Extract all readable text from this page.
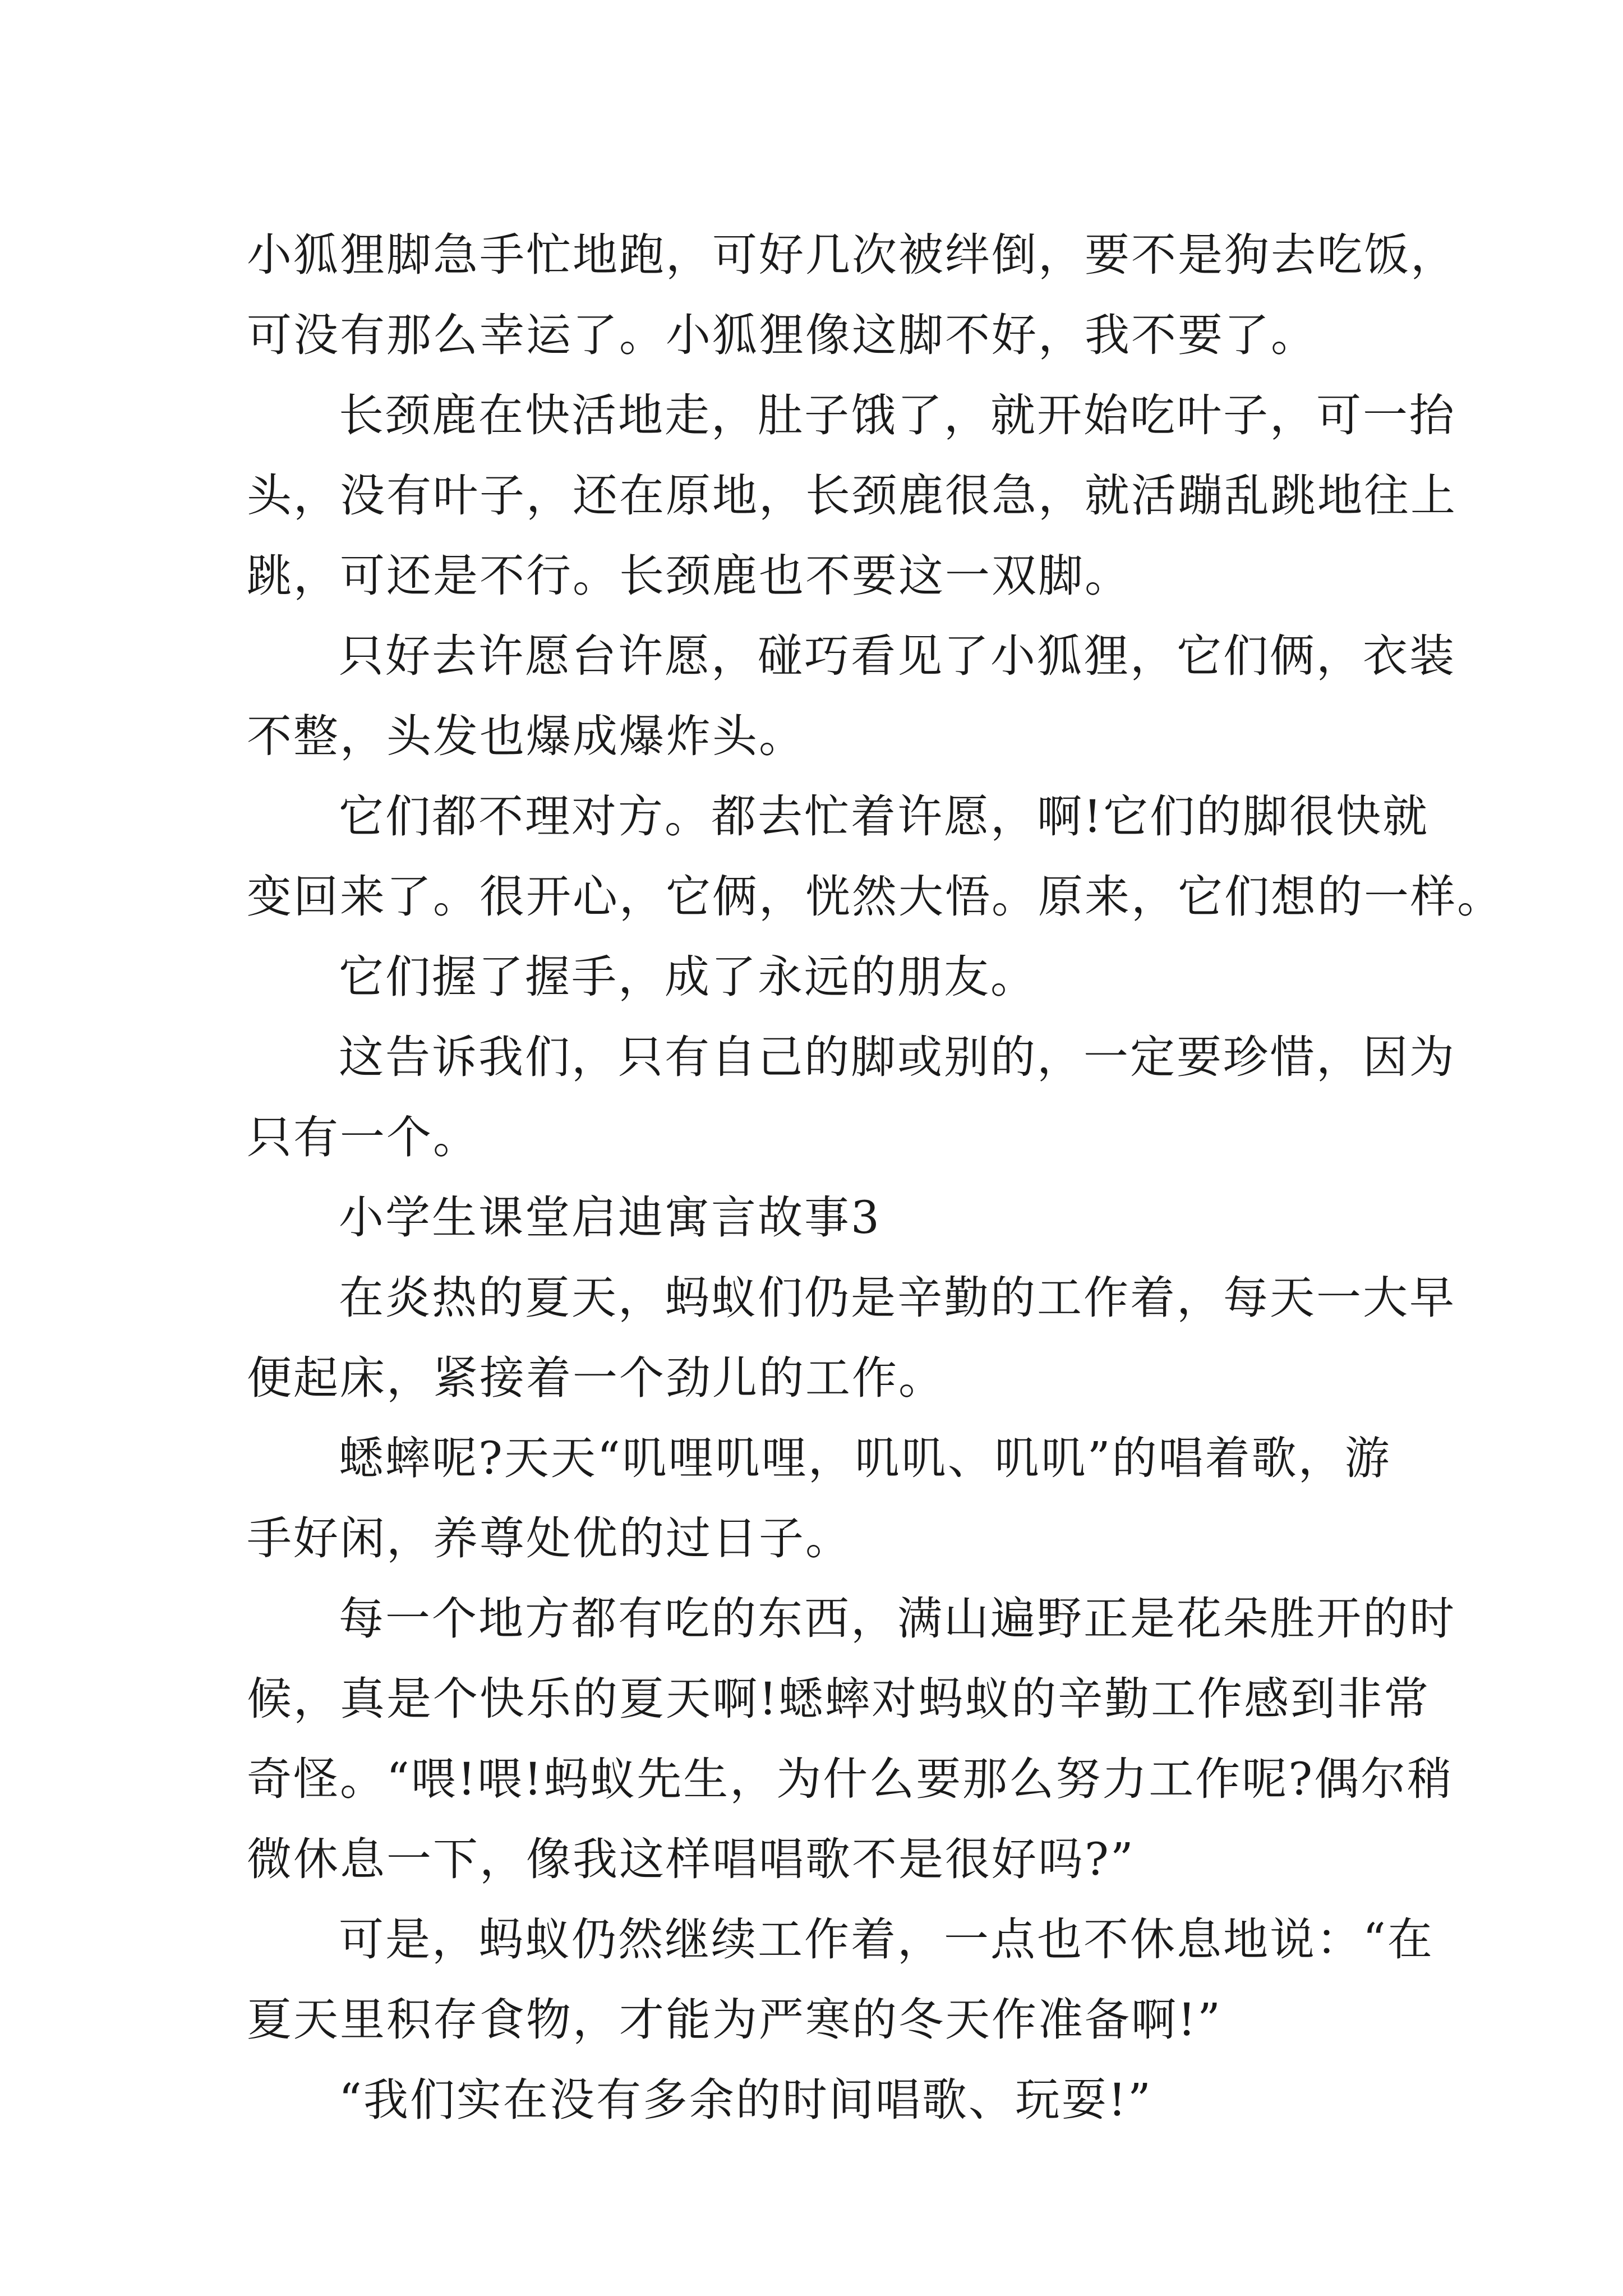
小狐狸脚急手忙地跑，可好几次被绊倒，要不是狗去吃饭，
可没有那么幸运了。小狐狸像这脚不好，我不要了。
长颈鹿在快活地走，肚子饿了，就开始吃叶子，可一抬
头，没有叶子，还在原地，长颈鹿很急，就活蹦乱跳地往上
跳，可还是不行。长颈鹿也不要这一双脚。
只好去许愿台许愿，碰巧看见了小狐狸，它们俩，衣装
不整，头发也爆成爆炸头。
它们都不理对方。都去忙着许愿，啊!它们的脚很快就
变回来了。很开心，它俩，恍然大悟。原来，它们想的一样。
它们握了握手，成了永远的朋友。
这告诉我们，只有自己的脚或别的，一定要珍惜，因为
只有一个。
小学生课堂启迪寓言故事3
在炎热的夏天，蚂蚁们仍是辛勤的工作着，每天一大早
便起床，紧接着一个劲儿的工作。
蟋蟀呢?天天“叽哩叽哩，叽叽、叽叽”的唱着歌，游
手好闲，养尊处优的过日子。
每一个地方都有吃的东西，满山遍野正是花朵胜开的时
候，真是个快乐的夏天啊!蟋蟀对蚂蚁的辛勤工作感到非常
奇怪。“喂!喂!蚂蚁先生，为什么要那么努力工作呢?偶尔稍
微休息一下，像我这样唱唱歌不是很好吗?”
可是，蚂蚁仍然继续工作着，一点也不休息地说：“在
夏天里积存食物，才能为严寒的冬天作准备啊!”
“我们实在没有多余的时间唱歌、玩耍!”
